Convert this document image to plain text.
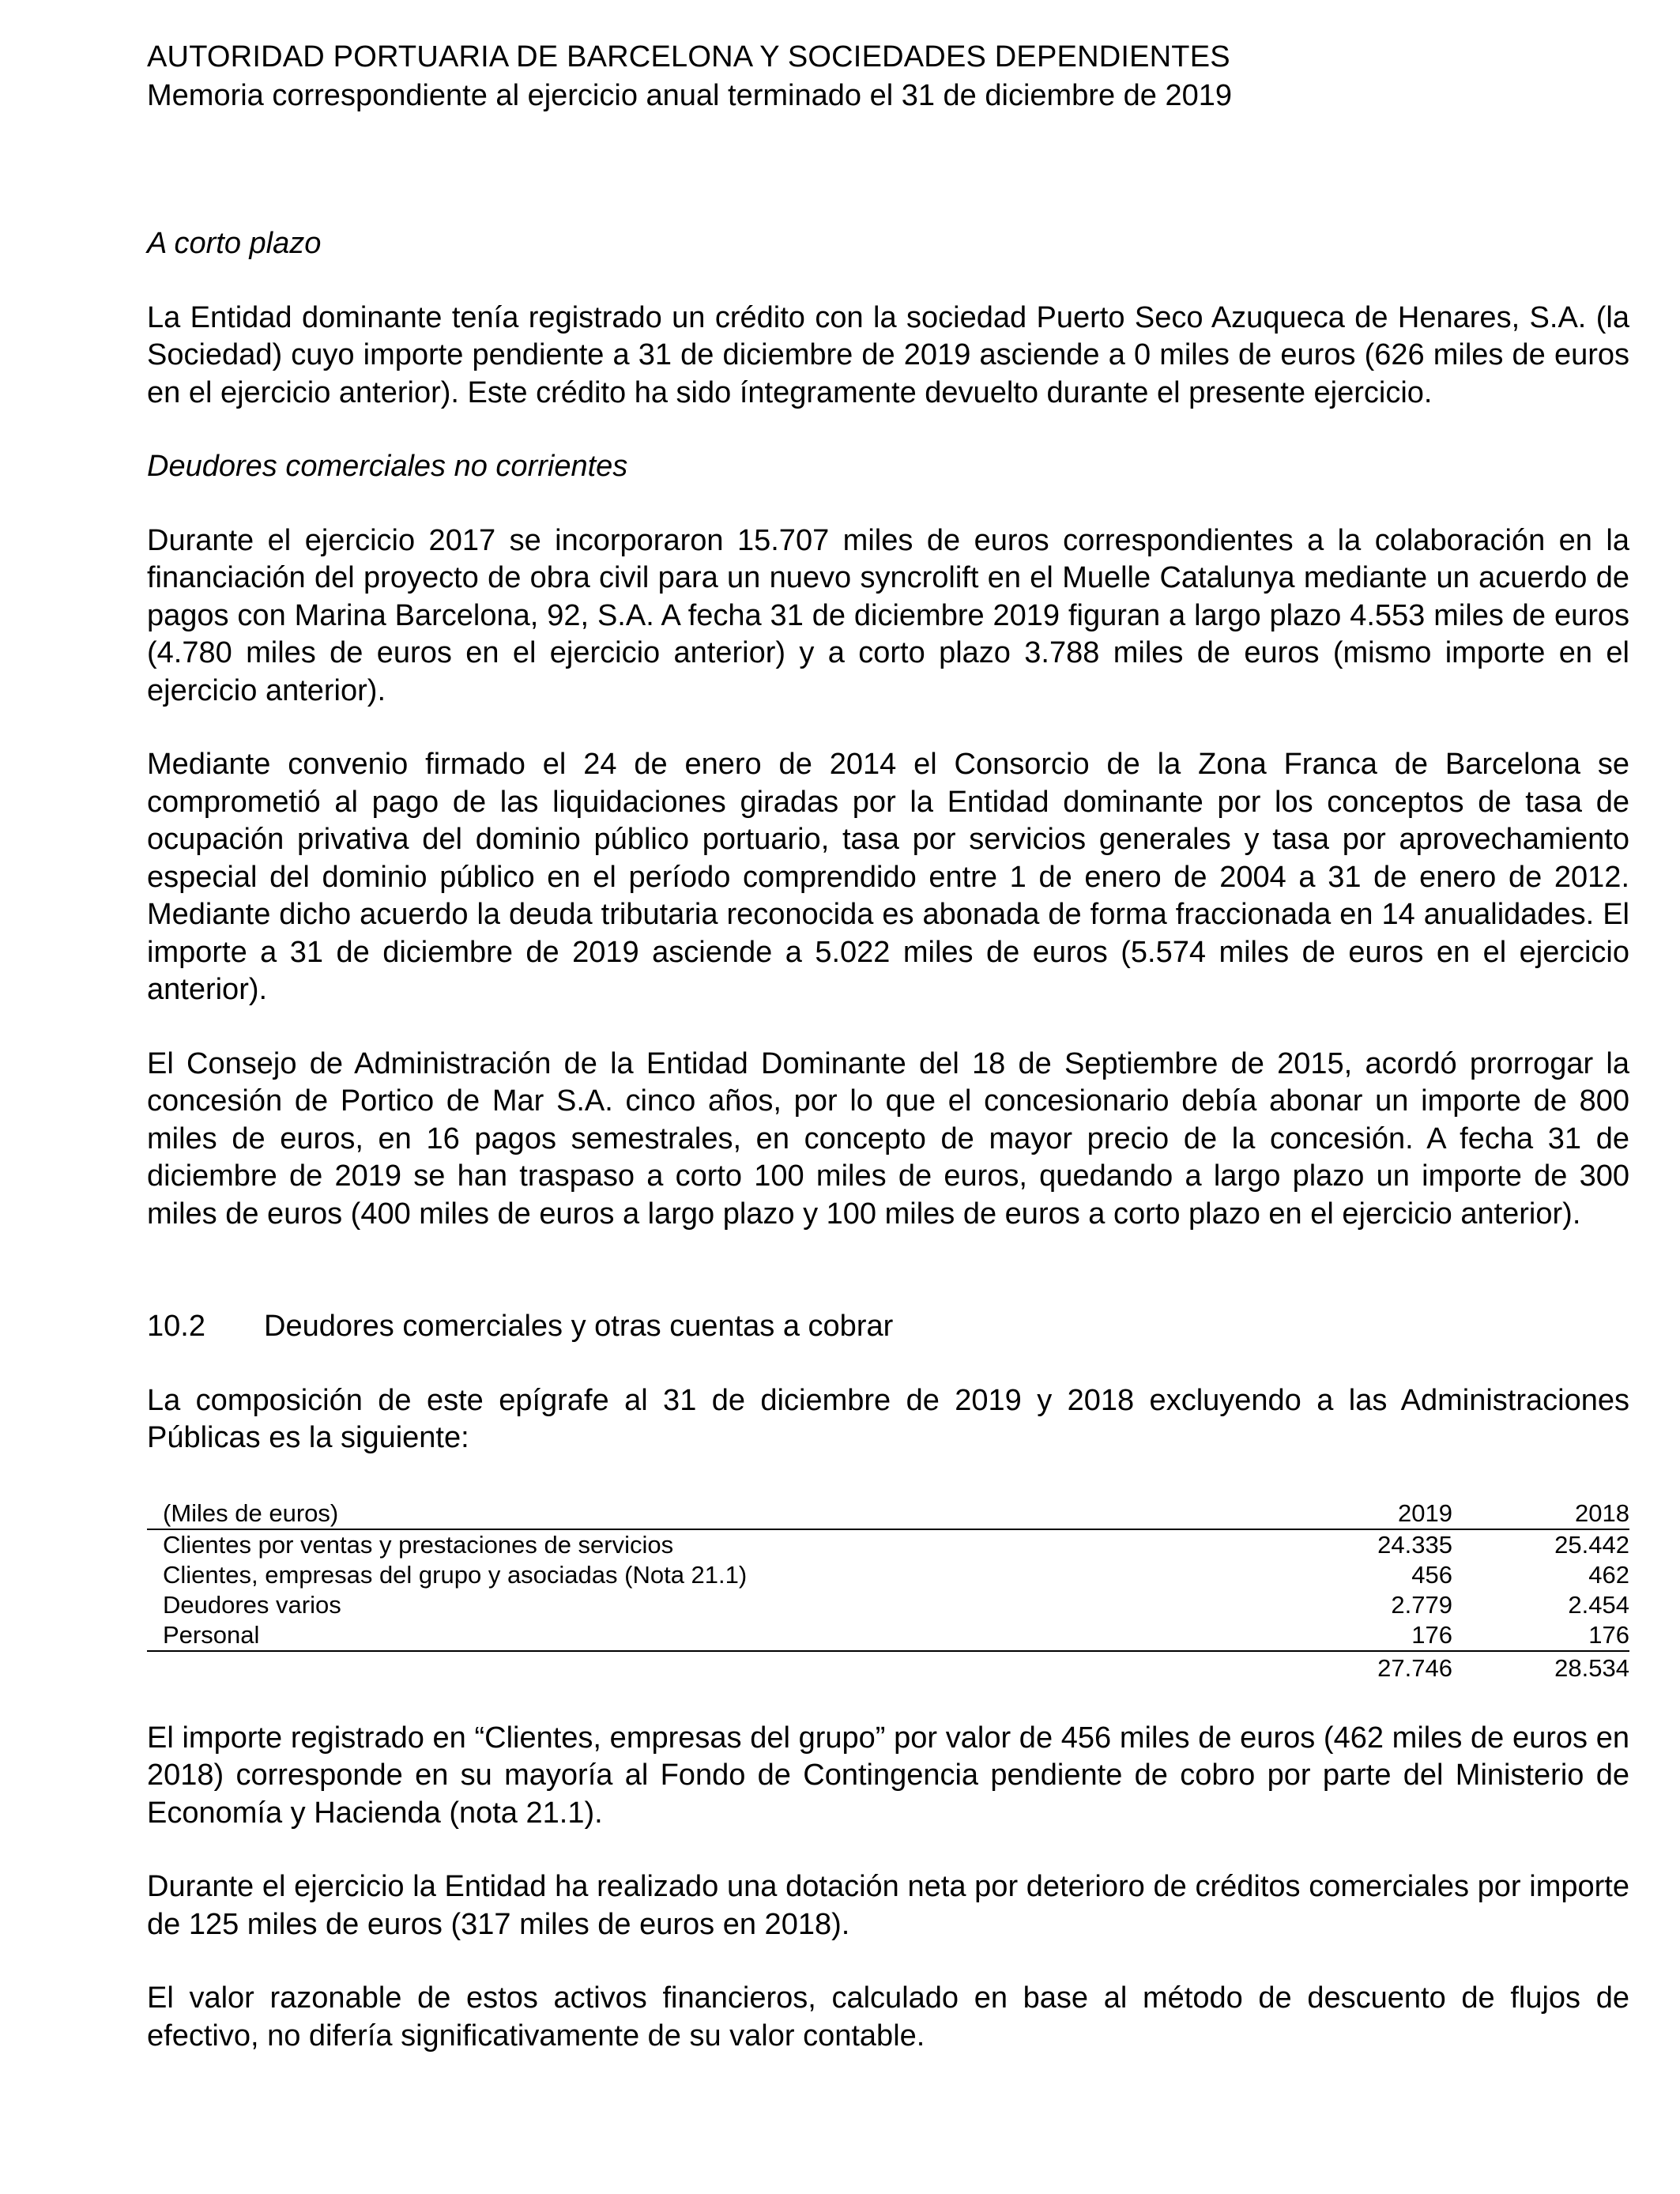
AUTORIDAD PORTUARIA DE BARCELONA Y SOCIEDADES DEPENDIENTES
Memoria correspondiente al ejercicio anual terminado el 31 de diciembre de 2019

A corto plazo

La Entidad dominante tenía registrado un crédito con la sociedad Puerto Seco Azuqueca de Henares, S.A. (la Sociedad) cuyo importe pendiente a 31 de diciembre de 2019 asciende a 0 miles de euros (626 miles de euros en el ejercicio anterior). Este crédito ha sido íntegramente devuelto durante el presente ejercicio.

Deudores comerciales no corrientes

Durante el ejercicio 2017 se incorporaron 15.707 miles de euros correspondientes a la colaboración en la financiación del proyecto de obra civil para un nuevo syncrolift en el Muelle Catalunya mediante un acuerdo de pagos con Marina Barcelona, 92, S.A. A fecha 31 de diciembre 2019 figuran a largo plazo 4.553 miles de euros (4.780 miles de euros en el ejercicio anterior) y a corto plazo 3.788 miles de euros (mismo importe en el ejercicio anterior).

Mediante convenio firmado el 24 de enero de 2014 el Consorcio de la Zona Franca de Barcelona se comprometió al pago de las liquidaciones giradas por la Entidad dominante por los conceptos de tasa de ocupación privativa del dominio público portuario, tasa por servicios generales y tasa por aprovechamiento especial del dominio público en el período comprendido entre 1 de enero de 2004 a 31 de enero de 2012. Mediante dicho acuerdo la deuda tributaria reconocida es abonada de forma fraccionada en 14 anualidades. El importe a 31 de diciembre de 2019 asciende a 5.022 miles de euros (5.574 miles de euros en el ejercicio anterior).

El Consejo de Administración de la Entidad Dominante del 18 de Septiembre de 2015, acordó prorrogar la concesión de Portico de Mar S.A. cinco años, por lo que el concesionario debía abonar un importe de 800 miles de euros, en 16 pagos semestrales, en concepto de mayor precio de la concesión. A fecha 31 de diciembre de 2019 se han traspaso a corto 100 miles de euros, quedando a largo plazo un importe de 300 miles de euros (400 miles de euros a largo plazo y 100 miles de euros a corto plazo en el ejercicio anterior).

10.2	Deudores comerciales y otras cuentas a cobrar

La composición de este epígrafe al 31 de diciembre de 2019 y 2018 excluyendo a las Administraciones Públicas es la siguiente:

(Miles de euros)	2019	2018
Clientes por ventas y prestaciones de servicios	24.335	25.442
Clientes, empresas del grupo y asociadas (Nota 21.1)	456	462
Deudores varios	2.779	2.454
Personal	176	176
	27.746	28.534

El importe registrado en “Clientes, empresas del grupo” por valor de 456 miles de euros (462 miles de euros en 2018) corresponde en su mayoría al Fondo de Contingencia pendiente de cobro por parte del Ministerio de Economía y Hacienda (nota 21.1).

Durante el ejercicio la Entidad ha realizado una dotación neta por deterioro de créditos comerciales por importe de 125 miles de euros (317 miles de euros en 2018).

El valor razonable de estos activos financieros, calculado en base al método de descuento de flujos de efectivo, no difería significativamente de su valor contable.
